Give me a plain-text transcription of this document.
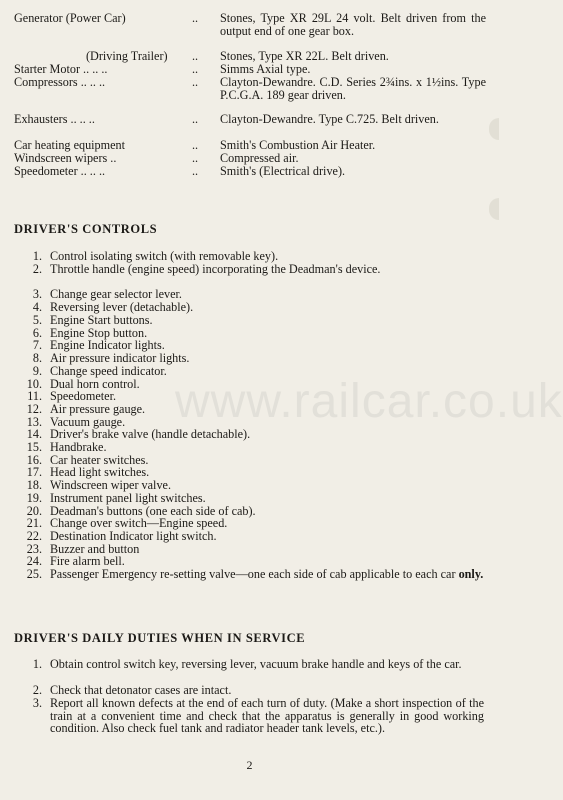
www.railcar.co.uk
Generator (Power Car)	.. Stones, Type XR 29L 24 volt. Belt driven from the output end of one gear box.
(Driving Trailer) .. Stones, Type XR 22L. Belt driven.
Starter Motor .. .. ..	.. Simms Axial type.
Compressors .. .. ..	.. Clayton-Dewandre. C.D. Series 2¾ins. x 1½ins. Type P.C.G.A. 189 gear driven.
Exhausters .. .. ..	.. Clayton-Dewandre. Type C.725. Belt driven.
Car heating equipment	.. Smith's Combustion Air Heater.
Windscreen wipers ..	.. Compressed air.
Speedometer .. .. ..	.. Smith's (Electrical drive).
DRIVER'S CONTROLS
1. Control isolating switch (with removable key).
2. Throttle handle (engine speed) incorporating the Deadman's device.
3. Change gear selector lever.
4. Reversing lever (detachable).
5. Engine Start buttons.
6. Engine Stop button.
7. Engine Indicator lights.
8. Air pressure indicator lights.
9. Change speed indicator.
10. Dual horn control.
11. Speedometer.
12. Air pressure gauge.
13. Vacuum gauge.
14. Driver's brake valve (handle detachable).
15. Handbrake.
16. Car heater switches.
17. Head light switches.
18. Windscreen wiper valve.
19. Instrument panel light switches.
20. Deadman's buttons (one each side of cab).
21. Change over switch—Engine speed.
22. Destination Indicator light switch.
23. Buzzer and button
24. Fire alarm bell.
25. Passenger Emergency re-setting valve—one each side of cab applicable to each car only.
DRIVER'S DAILY DUTIES WHEN IN SERVICE
1. Obtain control switch key, reversing lever, vacuum brake handle and keys of the car.
2. Check that detonator cases are intact.
3. Report all known defects at the end of each turn of duty. (Make a short inspection of the train at a convenient time and check that the apparatus is generally in good working condition. Also check fuel tank and radiator header tank levels, etc.).
2
